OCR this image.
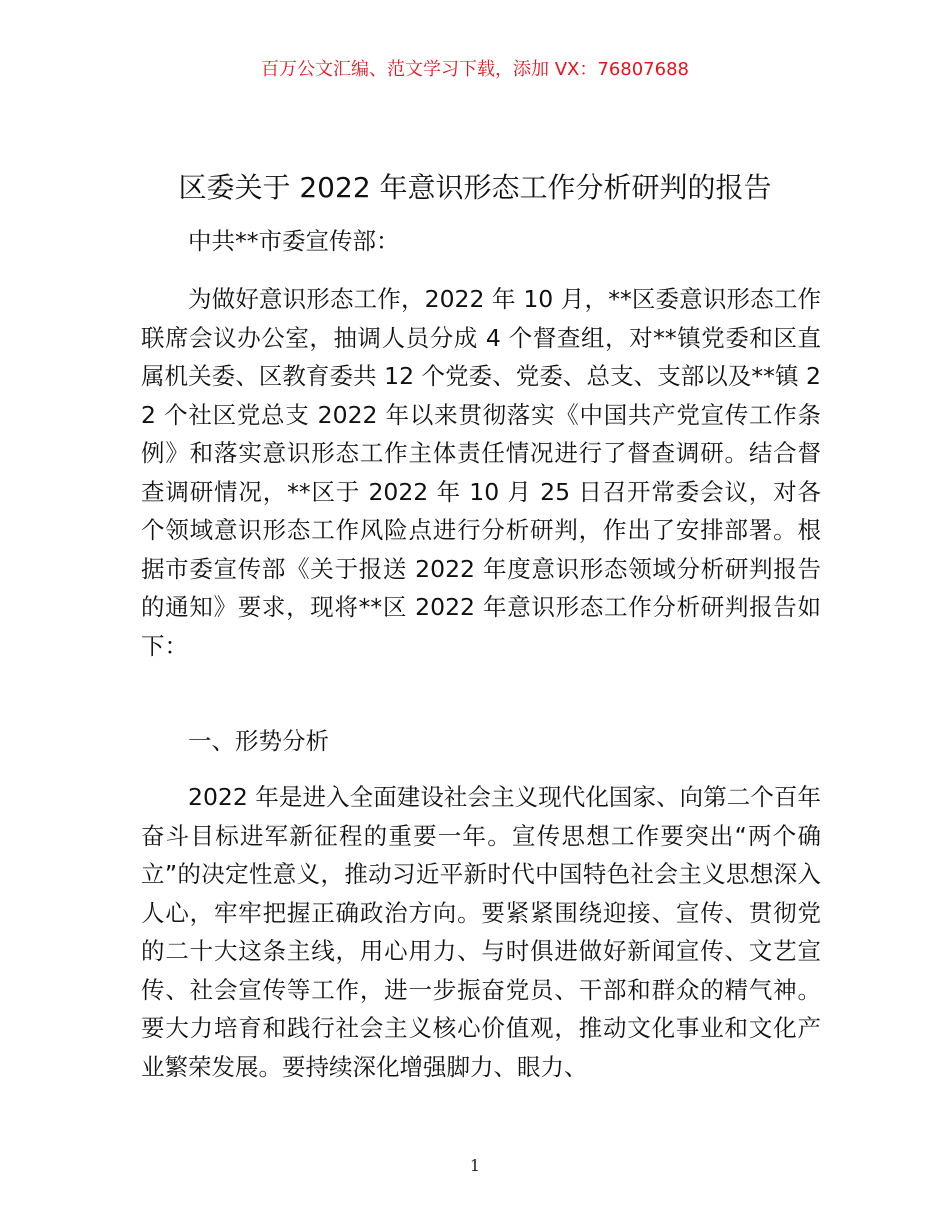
百万公文汇编、范文学习下载，添加 VX：76807688
区委关于 2022 年意识形态工作分析研判的报告

中共**市委宣传部：

为做好意识形态工作，2022 年 10 月，**区委意识形态工作联席会议办公室，抽调人员分成 4 个督查组，对**镇党委和区直属机关委、区教育委共 12 个党委、党委、总支、支部以及**镇 22 个社区党总支 2022 年以来贯彻落实《中国共产党宣传工作条例》和落实意识形态工作主体责任情况进行了督查调研。结合督查调研情况，**区于 2022 年 10 月 25 日召开常委会议，对各个领域意识形态工作风险点进行分析研判，作出了安排部署。根据市委宣传部《关于报送 2022 年度意识形态领域分析研判报告的通知》要求，现将**区 2022 年意识形态工作分析研判报告如下：

一、形势分析

2022 年是进入全面建设社会主义现代化国家、向第二个百年奋斗目标进军新征程的重要一年。宣传思想工作要突出“两个确立”的决定性意义，推动习近平新时代中国特色社会主义思想深入人心，牢牢把握正确政治方向。要紧紧围绕迎接、宣传、贯彻党的二十大这条主线，用心用力、与时俱进做好新闻宣传、文艺宣传、社会宣传等工作，进一步振奋党员、干部和群众的精气神。要大力培育和践行社会主义核心价值观，推动文化事业和文化产业繁荣发展。要持续深化增强脚力、眼力、

1
